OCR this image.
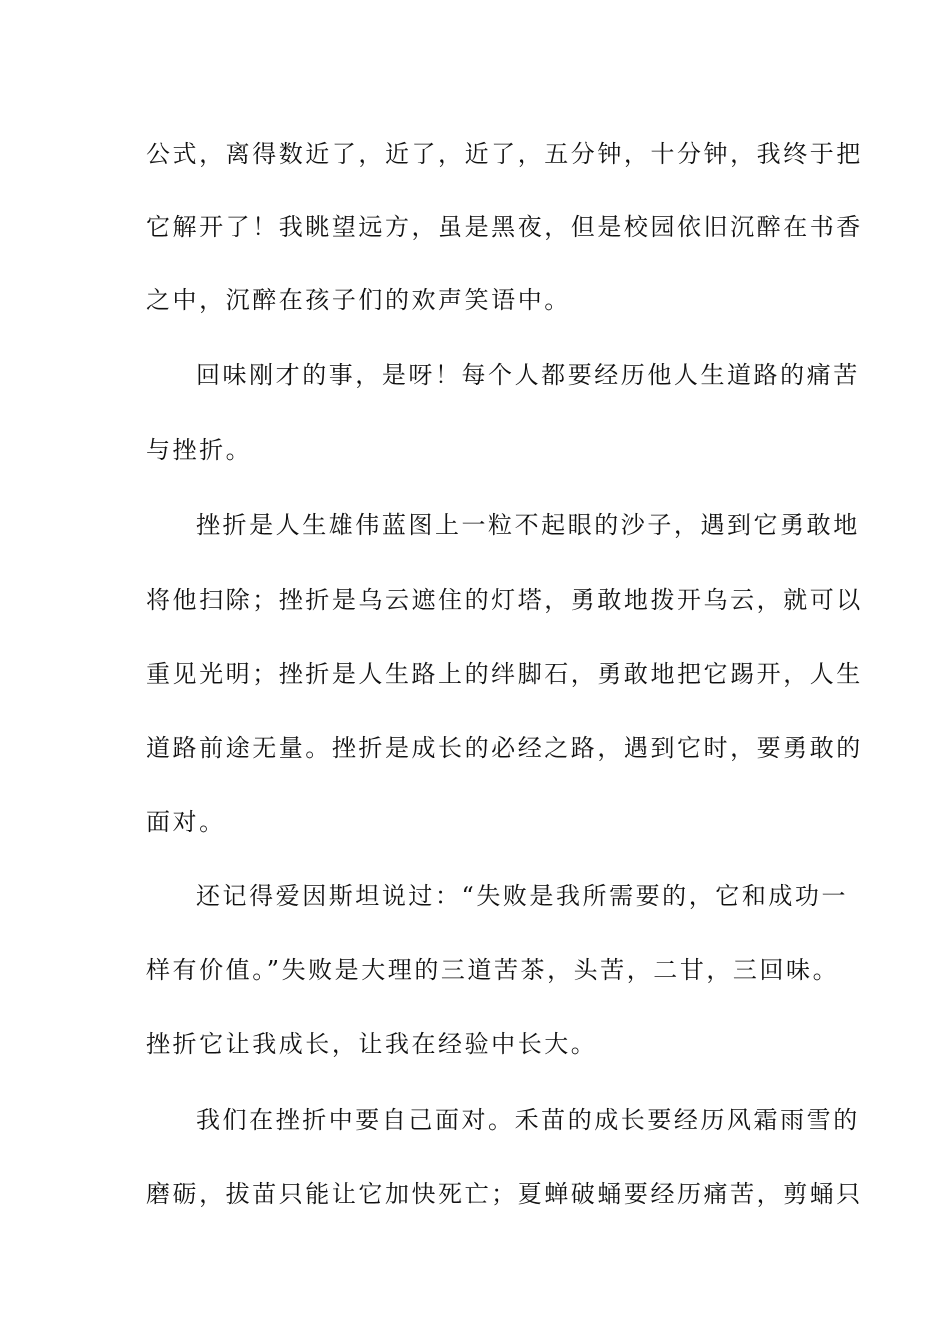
公式，离得数近了，近了，近了，五分钟，十分钟，我终于把
它解开了！我眺望远方，虽是黑夜，但是校园依旧沉醉在书香
之中，沉醉在孩子们的欢声笑语中。
回味刚才的事，是呀！每个人都要经历他人生道路的痛苦
与挫折。
挫折是人生雄伟蓝图上一粒不起眼的沙子，遇到它勇敢地
将他扫除；挫折是乌云遮住的灯塔，勇敢地拨开乌云，就可以
重见光明；挫折是人生路上的绊脚石，勇敢地把它踢开，人生
道路前途无量。挫折是成长的必经之路，遇到它时，要勇敢的
面对。
还记得爱因斯坦说过：“失败是我所需要的，它和成功一
样有价值。”失败是大理的三道苦茶，头苦，二甘，三回味。
挫折它让我成长，让我在经验中长大。
我们在挫折中要自己面对。禾苗的成长要经历风霜雨雪的
磨砺，拔苗只能让它加快死亡；夏蝉破蛹要经历痛苦，剪蛹只
